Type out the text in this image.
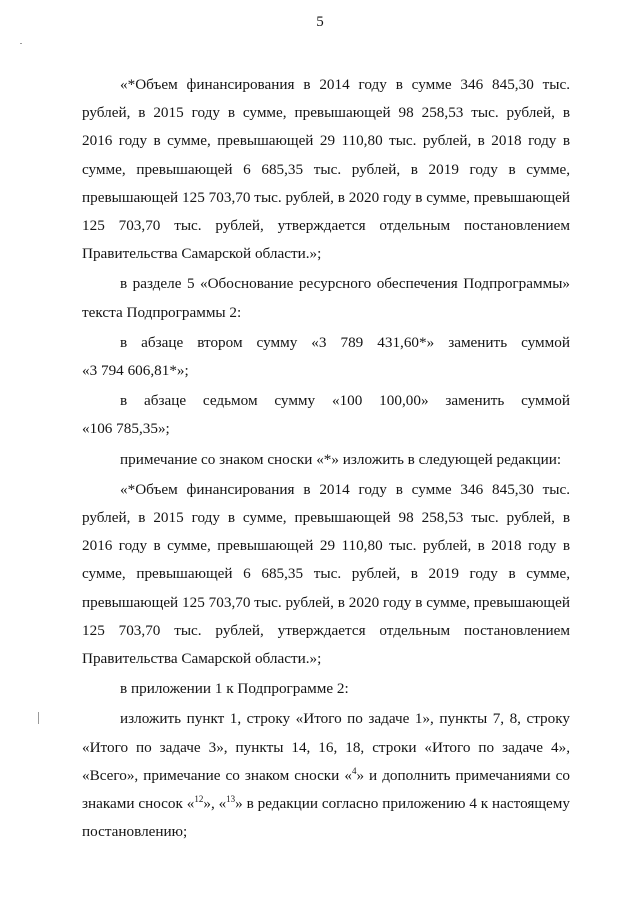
5

«*Объем финансирования в 2014 году в сумме 346 845,30 тыс.

рублей, в 2015 году в сумме, превышающей 98 258,53 тыс. рублей, в

2016 году в сумме, превышающей 29 110,80 тыс. рублей, в 2018 году в

сумме, превышающей 6 685,35 тыс. рублей, в 2019 году в сумме,

превышающей 125 703,70 тыс. рублей, в 2020 году в сумме, превышающей

125 703,70 тыс. рублей, утверждается отдельным постановлением

Правительства Самарской области.»;

в разделе 5 «Обоснование ресурсного обеспечения Подпрограммы»

текста Подпрограммы 2:

в абзаце втором сумму «3 789 431,60*» заменить суммой

«3 794 606,81*»;

в абзаце седьмом сумму «100 100,00» заменить суммой

«106 785,35»;

примечание со знаком сноски «*» изложить в следующей редакции:

«*Объем финансирования в 2014 году в сумме 346 845,30 тыс.

рублей, в 2015 году в сумме, превышающей 98 258,53 тыс. рублей, в

2016 году в сумме, превышающей 29 110,80 тыс. рублей, в 2018 году в

сумме, превышающей 6 685,35 тыс. рублей, в 2019 году в сумме,

превышающей 125 703,70 тыс. рублей, в 2020 году в сумме, превышающей

125 703,70 тыс. рублей, утверждается отдельным постановлением

Правительства Самарской области.»;

в приложении 1 к Подпрограмме 2:

изложить пункт 1, строку «Итого по задаче 1», пункты 7, 8, строку

«Итого по задаче 3», пункты 14, 16, 18, строки «Итого по задаче 4»,

«Всего», примечание со знаком сноски «$^4$» и дополнить примечаниями со

знаками сносок «$^{12}$», «$^{13}$» в редакции согласно приложению 4 к настоящему

постановлению;
